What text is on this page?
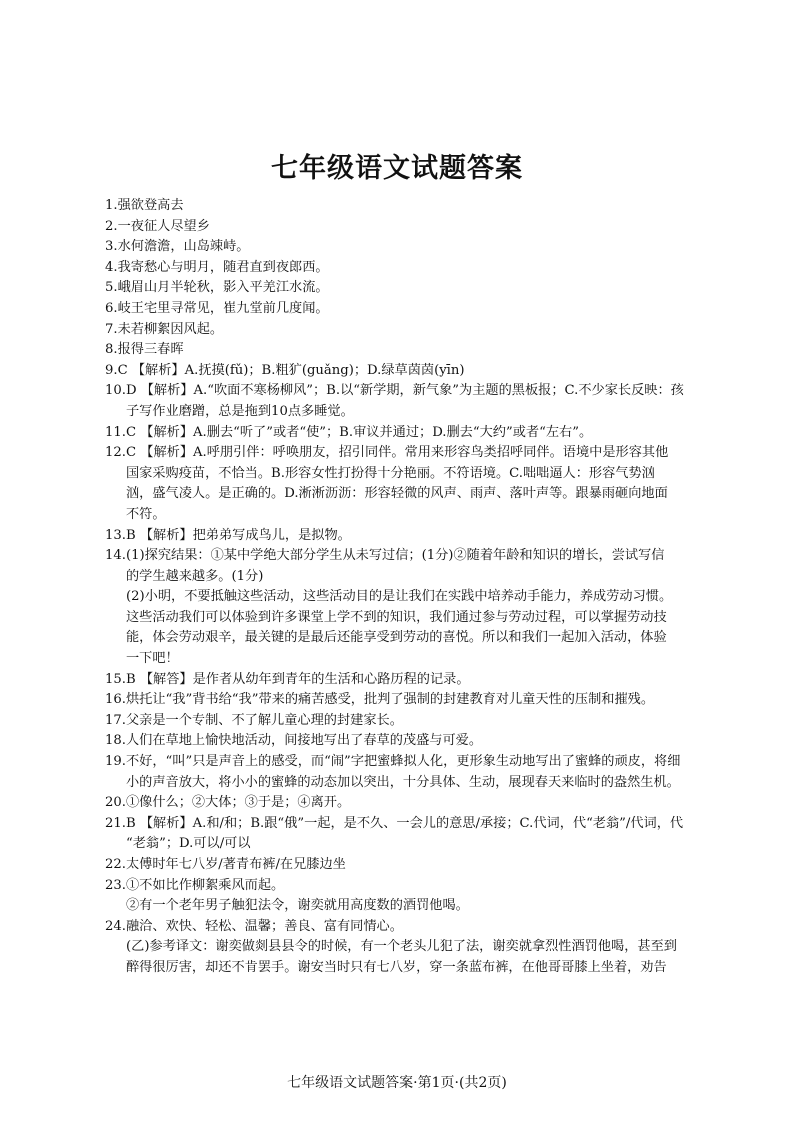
七年级语文试题答案
1.强欲登高去
2.一夜征人尽望乡
3.水何澹澹，山岛竦峙。
4.我寄愁心与明月，随君直到夜郎西。
5.峨眉山月半轮秋，影入平羌江水流。
6.岐王宅里寻常见，崔九堂前几度闻。
7.未若柳絮因风起。
8.报得三春晖
9.C 【解析】A.抚摸(fǔ)；B.粗犷(guǎng)；D.绿草茵茵(yīn)
10.D 【解析】A.“吹面不寒杨柳风”；B.以“新学期，新气象”为主题的黑板报；C.不少家长反映：孩
子写作业磨蹭，总是拖到10点多睡觉。
11.C 【解析】A.删去“听了”或者“使”；B.审议并通过；D.删去“大约”或者“左右”。
12.C 【解析】A.呼朋引伴：呼唤朋友，招引同伴。常用来形容鸟类招呼同伴。语境中是形容其他
国家采购疫苗，不恰当。B.形容女性打扮得十分艳丽。不符语境。C.咄咄逼人：形容气势汹
汹，盛气凌人。是正确的。D.淅淅沥沥：形容轻微的风声、雨声、落叶声等。跟暴雨砸向地面
不符。
13.B 【解析】把弟弟写成鸟儿，是拟物。
14.(1)探究结果：①某中学绝大部分学生从未写过信；(1分)②随着年龄和知识的增长，尝试写信
的学生越来越多。(1分)
(2)小明，不要抵触这些活动，这些活动目的是让我们在实践中培养动手能力，养成劳动习惯。
这些活动我们可以体验到许多课堂上学不到的知识，我们通过参与劳动过程，可以掌握劳动技
能，体会劳动艰辛，最关键的是最后还能享受到劳动的喜悦。所以和我们一起加入活动，体验
一下吧！
15.B 【解答】是作者从幼年到青年的生活和心路历程的记录。
16.烘托让“我”背书给“我”带来的痛苦感受，批判了强制的封建教育对儿童天性的压制和摧残。
17.父亲是一个专制、不了解儿童心理的封建家长。
18.人们在草地上愉快地活动，间接地写出了春草的茂盛与可爱。
19.不好，“叫”只是声音上的感受，而“闹”字把蜜蜂拟人化，更形象生动地写出了蜜蜂的顽皮，将细
小的声音放大，将小小的蜜蜂的动态加以突出，十分具体、生动，展现春天来临时的盎然生机。
20.①像什么；②大体；③于是；④离开。
21.B 【解析】A.和/和；B.跟“俄”一起，是不久、一会儿的意思/承接；C.代词，代“老翁”/代词，代
“老翁”；D.可以/可以
22.太傅时年七八岁/著青布裤/在兄膝边坐
23.①不如比作柳絮乘风而起。
②有一个老年男子触犯法令，谢奕就用高度数的酒罚他喝。
24.融洽、欢快、轻松、温馨；善良、富有同情心。
(乙)参考译文：谢奕做剡县县令的时候，有一个老头儿犯了法，谢奕就拿烈性酒罚他喝，甚至到
醉得很厉害，却还不肯罢手。谢安当时只有七八岁，穿一条蓝布裤，在他哥哥膝上坐着，劝告
七年级语文试题答案·第1页·(共2页)
